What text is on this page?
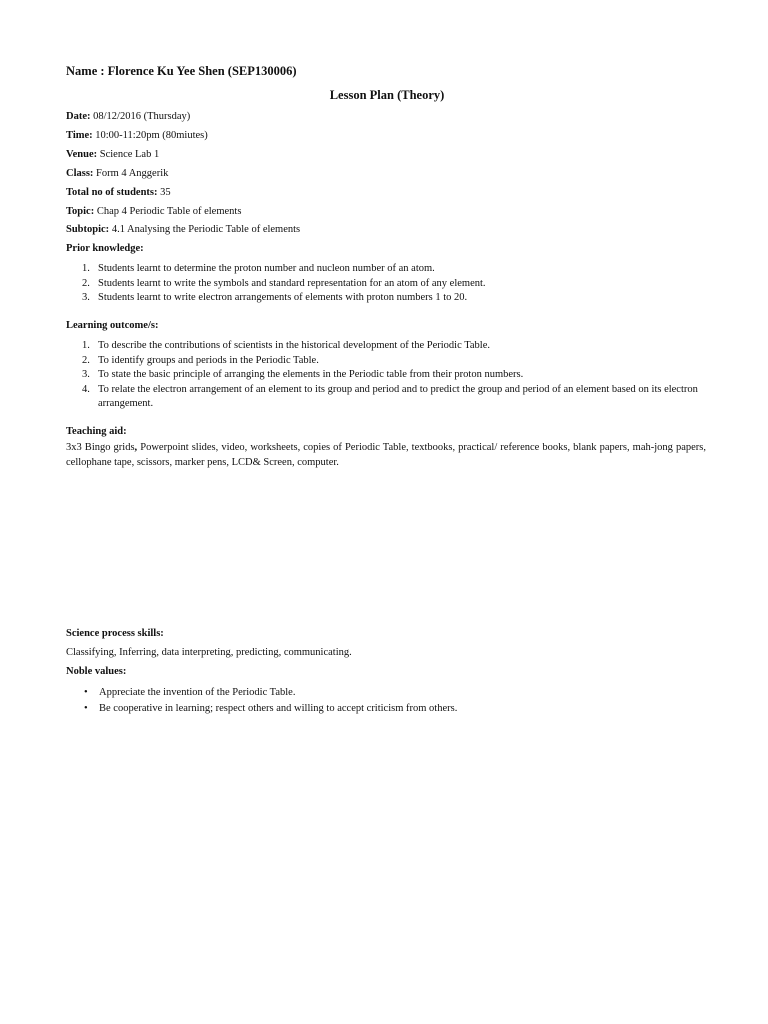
Name : Florence Ku Yee Shen (SEP130006)
Lesson Plan (Theory)
Date: 08/12/2016 (Thursday)
Time: 10:00-11:20pm (80miutes)
Venue: Science Lab 1
Class: Form 4 Anggerik
Total no of students: 35
Topic: Chap 4 Periodic Table of elements
Subtopic: 4.1 Analysing the Periodic Table of elements
Prior knowledge:
1. Students learnt to determine the proton number and nucleon number of an atom.
2. Students learnt to write the symbols and standard representation for an atom of any element.
3. Students learnt to write electron arrangements of elements with proton numbers 1 to 20.
Learning outcome/s:
1. To describe the contributions of scientists in the historical development of the Periodic Table.
2. To identify groups and periods in the Periodic Table.
3. To state the basic principle of arranging the elements in the Periodic table from their proton numbers.
4. To relate the electron arrangement of an element to its group and period and to predict the group and period of an element based on its electron arrangement.
Teaching aid:
3x3 Bingo grids, Powerpoint slides, video, worksheets, copies of Periodic Table, textbooks, practical/ reference books, blank papers, mah-jong papers, cellophane tape, scissors, marker pens, LCD& Screen, computer.
Science process skills:
Classifying, Inferring, data interpreting, predicting, communicating.
Noble values:
• Appreciate the invention of the Periodic Table.
• Be cooperative in learning; respect others and willing to accept criticism from others.
